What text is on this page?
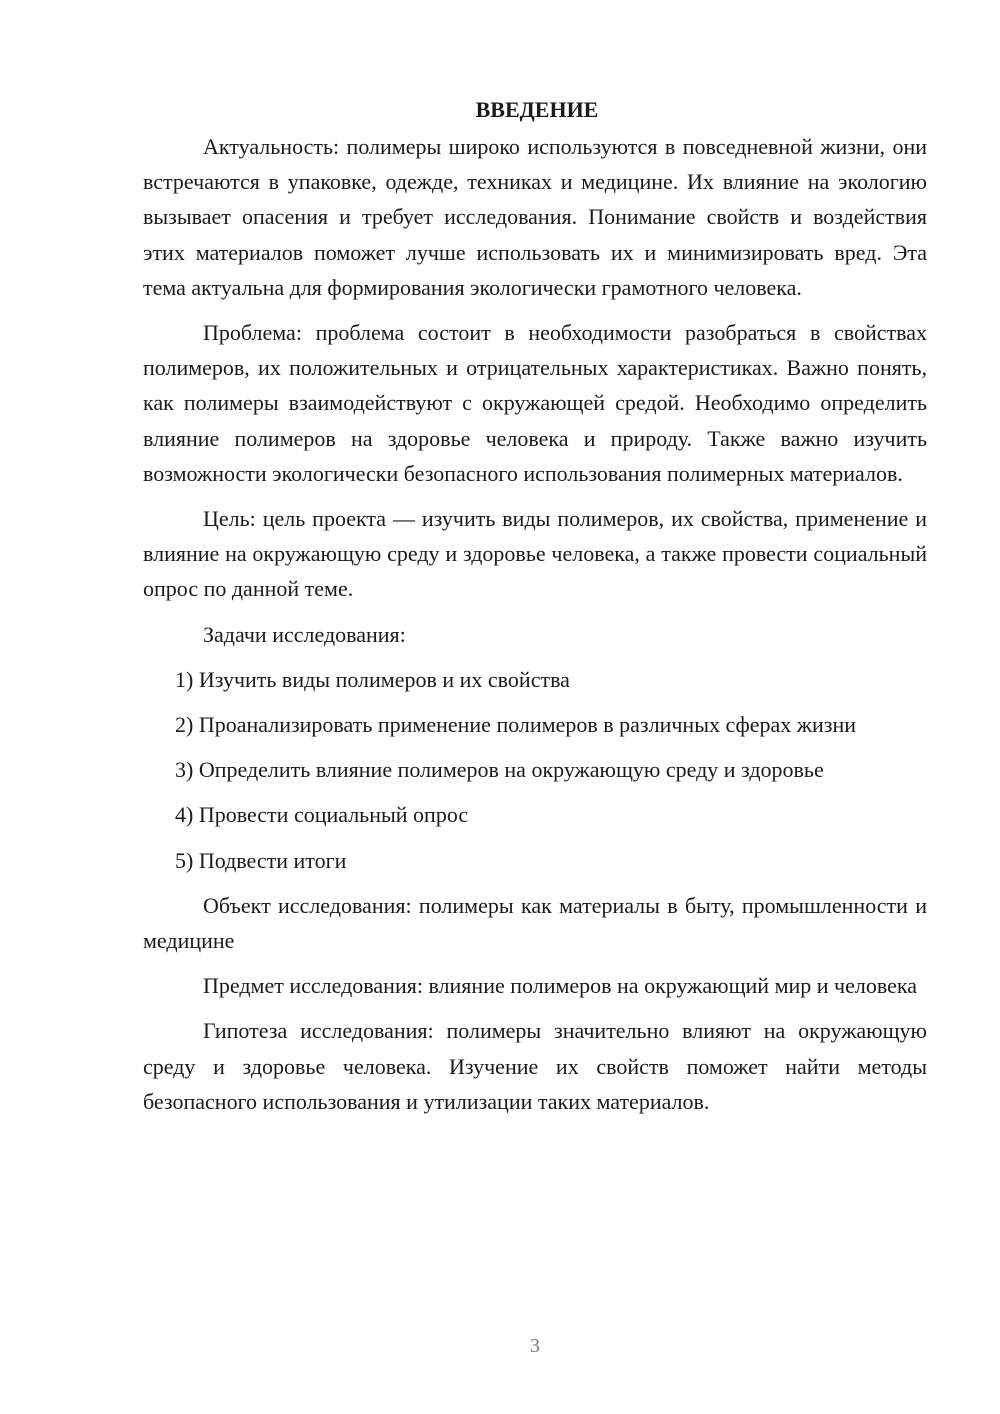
ВВЕДЕНИЕ

Актуальность: полимеры широко используются в повседневной жизни, они встречаются в упаковке, одежде, техниках и медицине. Их влияние на экологию вызывает опасения и требует исследования. Понимание свойств и воздействия этих материалов поможет лучше использовать их и минимизировать вред. Эта тема актуальна для формирования экологически грамотного человека.

Проблема: проблема состоит в необходимости разобраться в свойствах полимеров, их положительных и отрицательных характеристиках. Важно понять, как полимеры взаимодействуют с окружающей средой. Необходимо определить влияние полимеров на здоровье человека и природу. Также важно изучить возможности экологически безопасного использования полимерных материалов.

Цель: цель проекта — изучить виды полимеров, их свойства, применение и влияние на окружающую среду и здоровье человека, а также провести социальный опрос по данной теме.

Задачи исследования:

1) Изучить виды полимеров и их свойства

2) Проанализировать применение полимеров в различных сферах жизни

3) Определить влияние полимеров на окружающую среду и здоровье

4) Провести социальный опрос

5) Подвести итоги

Объект исследования: полимеры как материалы в быту, промышленности и медицине

Предмет исследования: влияние полимеров на окружающий мир и человека

Гипотеза исследования: полимеры значительно влияют на окружающую среду и здоровье человека. Изучение их свойств поможет найти методы безопасного использования и утилизации таких материалов.

3
